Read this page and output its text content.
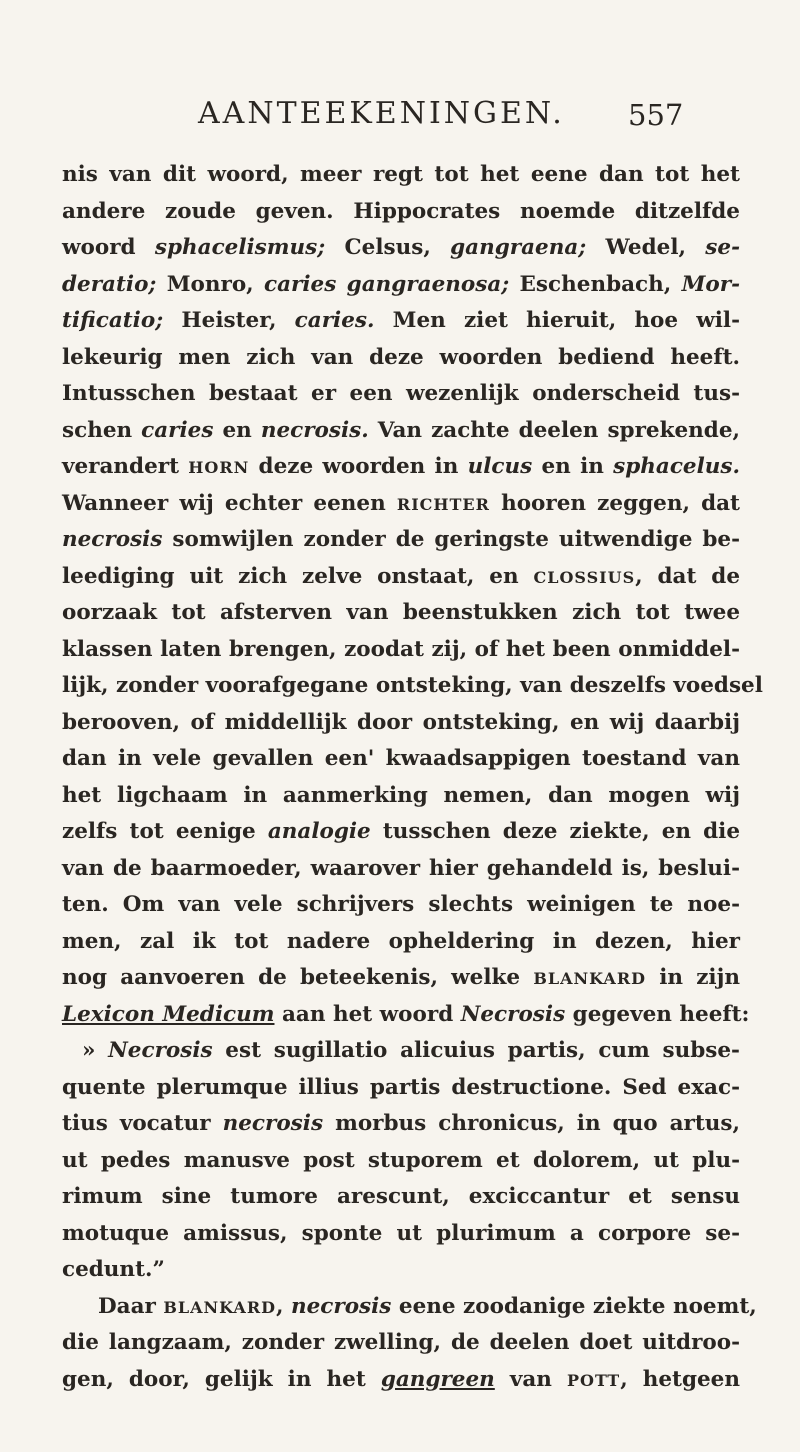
AANTEEKENINGEN. 557
nis van dit woord, meer regt tot het eene dan tot het
andere zoude geven. Hippocrates noemde ditzelfde
woord sphacelismus; Celsus, gangraena; Wedel, se-
deratio; Monro, caries gangraenosa; Eschenbach, Mor-
tificatio; Heister, caries. Men ziet hieruit, hoe wil-
lekeurig men zich van deze woorden bediend heeft.
Intusschen bestaat er een wezenlijk onderscheid tus-
schen caries en necrosis. Van zachte deelen sprekende,
verandert HORN deze woorden in ulcus en in sphacelus.
Wanneer wij echter eenen RICHTER hooren zeggen, dat
necrosis somwijlen zonder de geringste uitwendige be-
leediging uit zich zelve onstaat, en CLOSSIUS, dat de
oorzaak tot afsterven van beenstukken zich tot twee
klassen laten brengen, zoodat zij, of het been onmiddel-
lijk, zonder voorafgegane ontsteking, van deszelfs voedsel
berooven, of middellijk door ontsteking, en wij daarbij
dan in vele gevallen een' kwaadsappigen toestand van
het ligchaam in aanmerking nemen, dan mogen wij
zelfs tot eenige analogie tusschen deze ziekte, en die
van de baarmoeder, waarover hier gehandeld is, beslui-
ten. Om van vele schrijvers slechts weinigen te noe-
men, zal ik tot nadere opheldering in dezen, hier
nog aanvoeren de beteekenis, welke BLANKARD in zijn
Lexicon Medicum aan het woord Necrosis gegeven heeft:
» Necrosis est sugillatio alicuius partis, cum subse-
quente plerumque illius partis destructione. Sed exac-
tius vocatur necrosis morbus chronicus, in quo artus,
ut pedes manusve post stuporem et dolorem, ut plu-
rimum sine tumore arescunt, exciccantur et sensu
motuque amissus, sponte ut plurimum a corpore se-
cedunt.”
Daar BLANKARD, necrosis eene zoodanige ziekte noemt,
die langzaam, zonder zwelling, de deelen doet uitdroo-
gen, door, gelijk in het gangreen van POTT, hetgeen
